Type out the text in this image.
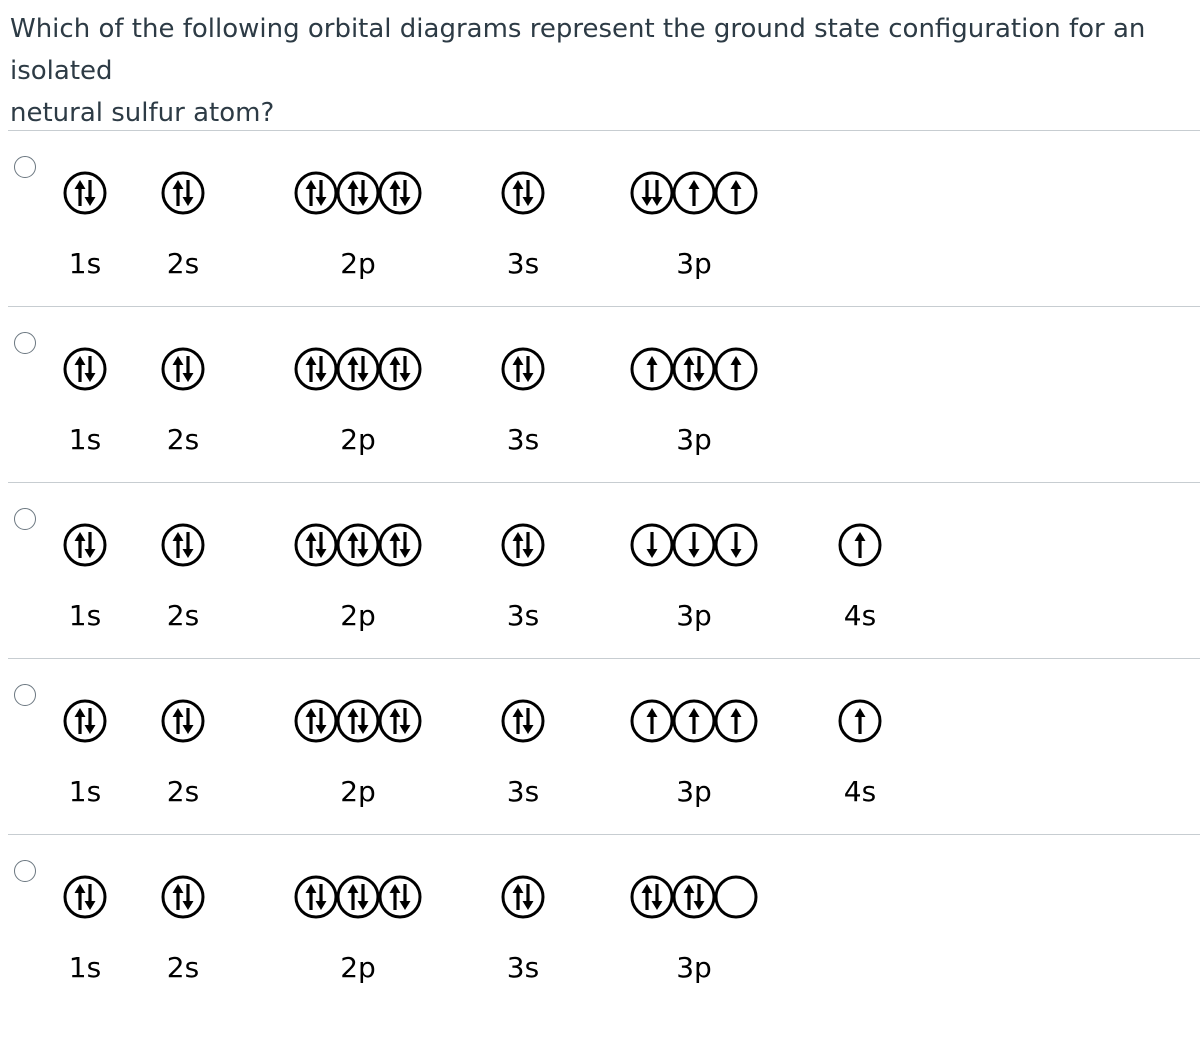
Which of the following orbital diagrams represent the ground state configuration for an isolated
netural sulfur atom?
1s 2s	2p	3s	3p
1s 2s	2p	3s	3p
1s 2s	2p	3s	3p	4s
1s 2s	2p	3s	3p	4s
1s 2s	2p	3s	3p
